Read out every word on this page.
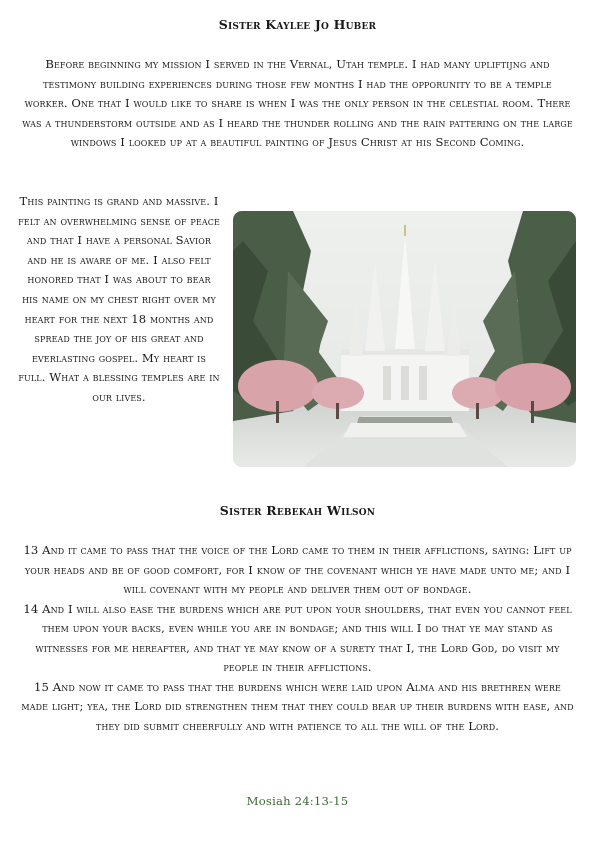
Sister Kaylee Jo Huber
Before beginning my mission I served in the Vernal, Utah temple. I had many upliftijng and testimony building experiences during those few months I had the opporunity to be a temple worker. One that I would like to share is when I was the only person in the celestial room. There was a thunderstorm outside and as I heard the thunder rolling and the rain pattering on the large windows I looked up at a beautiful painting of Jesus Christ at his Second Coming.
This painting is grand and massive. I felt an overwhelming sense of peace and that I have a personal Savior and he is aware of me. I also felt honored that I was about to bear his name on my chest right over my heart for the next 18 months and spread the joy of his great and everlasting gospel. My heart is full. What a blessing temples are in our lives.
Sister Rebekah Wilson
13 And it came to pass that the voice of the Lord came to them in their afflictions, saying: Lift up your heads and be of good comfort, for I know of the covenant which ye have made unto me; and I will covenant with my people and deliver them out of bondage.
14 And I will also ease the burdens which are put upon your shoulders, that even you cannot feel them upon your backs, even while you are in bondage; and this will I do that ye may stand as witnesses for me hereafter, and that ye may know of a surety that I, the Lord God, do visit my people in their afflictions.
15 And now it came to pass that the burdens which were laid upon Alma and his brethren were made light; yea, the Lord did strengthen them that they could bear up their burdens with ease, and they did submit cheerfully and with patience to all the will of the Lord.
Mosiah 24:13-15
